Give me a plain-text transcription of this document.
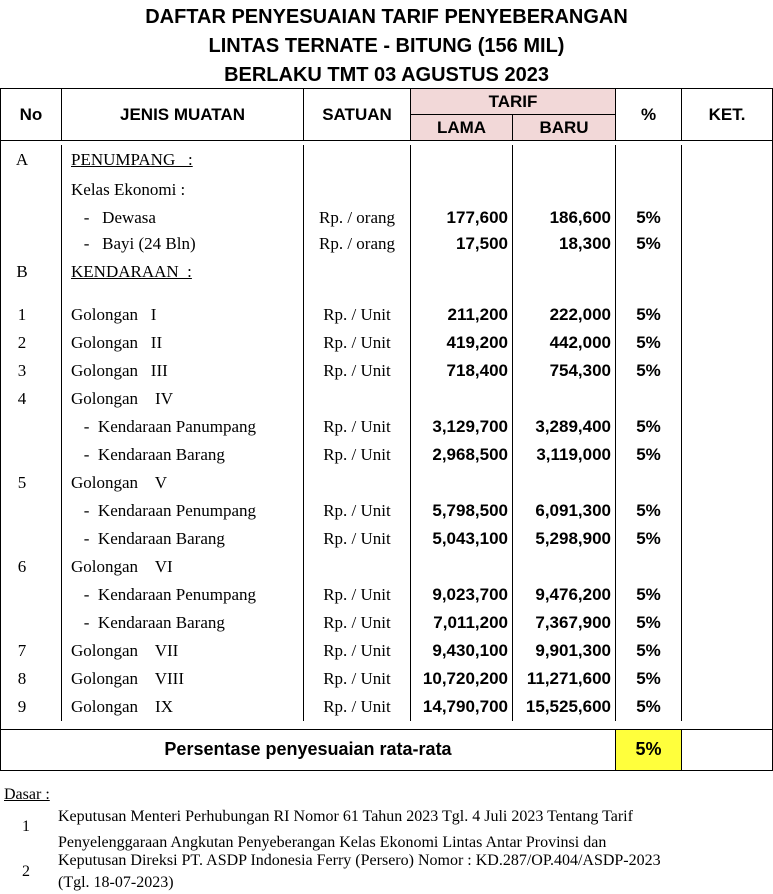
DAFTAR PENYESUAIAN TARIF PENYEBERANGAN
LINTAS TERNATE - BITUNG (156 MIL)
BERLAKU TMT 03 AGUSTUS 2023
No	JENIS MUATAN	SATUAN	TARIF		%	KET.
			LAMA	BARU		

A	PENUMPANG   :					
	Kelas Ekonomi :					
	-   Dewasa	Rp. / orang	177,600	186,600	5%	
	-   Bayi (24 Bln)	Rp. / orang	17,500	18,300	5%	
B	KENDARAAN  :					

1	Golongan   I	Rp. / Unit	211,200	222,000	5%	
2	Golongan   II	Rp. / Unit	419,200	442,000	5%	
3	Golongan   III	Rp. / Unit	718,400	754,300	5%	
4	Golongan    IV					
	-  Kendaraan Panumpang	Rp. / Unit	3,129,700	3,289,400	5%	
	-  Kendaraan Barang	Rp. / Unit	2,968,500	3,119,000	5%	
5	Golongan    V					
	-  Kendaraan Penumpang	Rp. / Unit	5,798,500	6,091,300	5%	
	-  Kendaraan Barang	Rp. / Unit	5,043,100	5,298,900	5%	
6	Golongan    VI					
	-  Kendaraan Penumpang	Rp. / Unit	9,023,700	9,476,200	5%	
	-  Kendaraan Barang	Rp. / Unit	7,011,200	7,367,900	5%	
7	Golongan    VII	Rp. / Unit	9,430,100	9,901,300	5%	
8	Golongan    VIII	Rp. / Unit	10,720,200	11,271,600	5%	
9	Golongan    IX	Rp. / Unit	14,790,700	15,525,600	5%	

Persentase penyesuaian rata-rata					5%	
Dasar :
1
Keputusan Menteri Perhubungan RI Nomor 61 Tahun 2023 Tgl. 4 Juli 2023 Tentang Tarif
Penyelenggaraan Angkutan Penyeberangan Kelas Ekonomi Lintas Antar Provinsi dan
2
Keputusan Direksi PT. ASDP Indonesia Ferry (Persero) Nomor : KD.287/OP.404/ASDP-2023
(Tgl. 18-07-2023)
